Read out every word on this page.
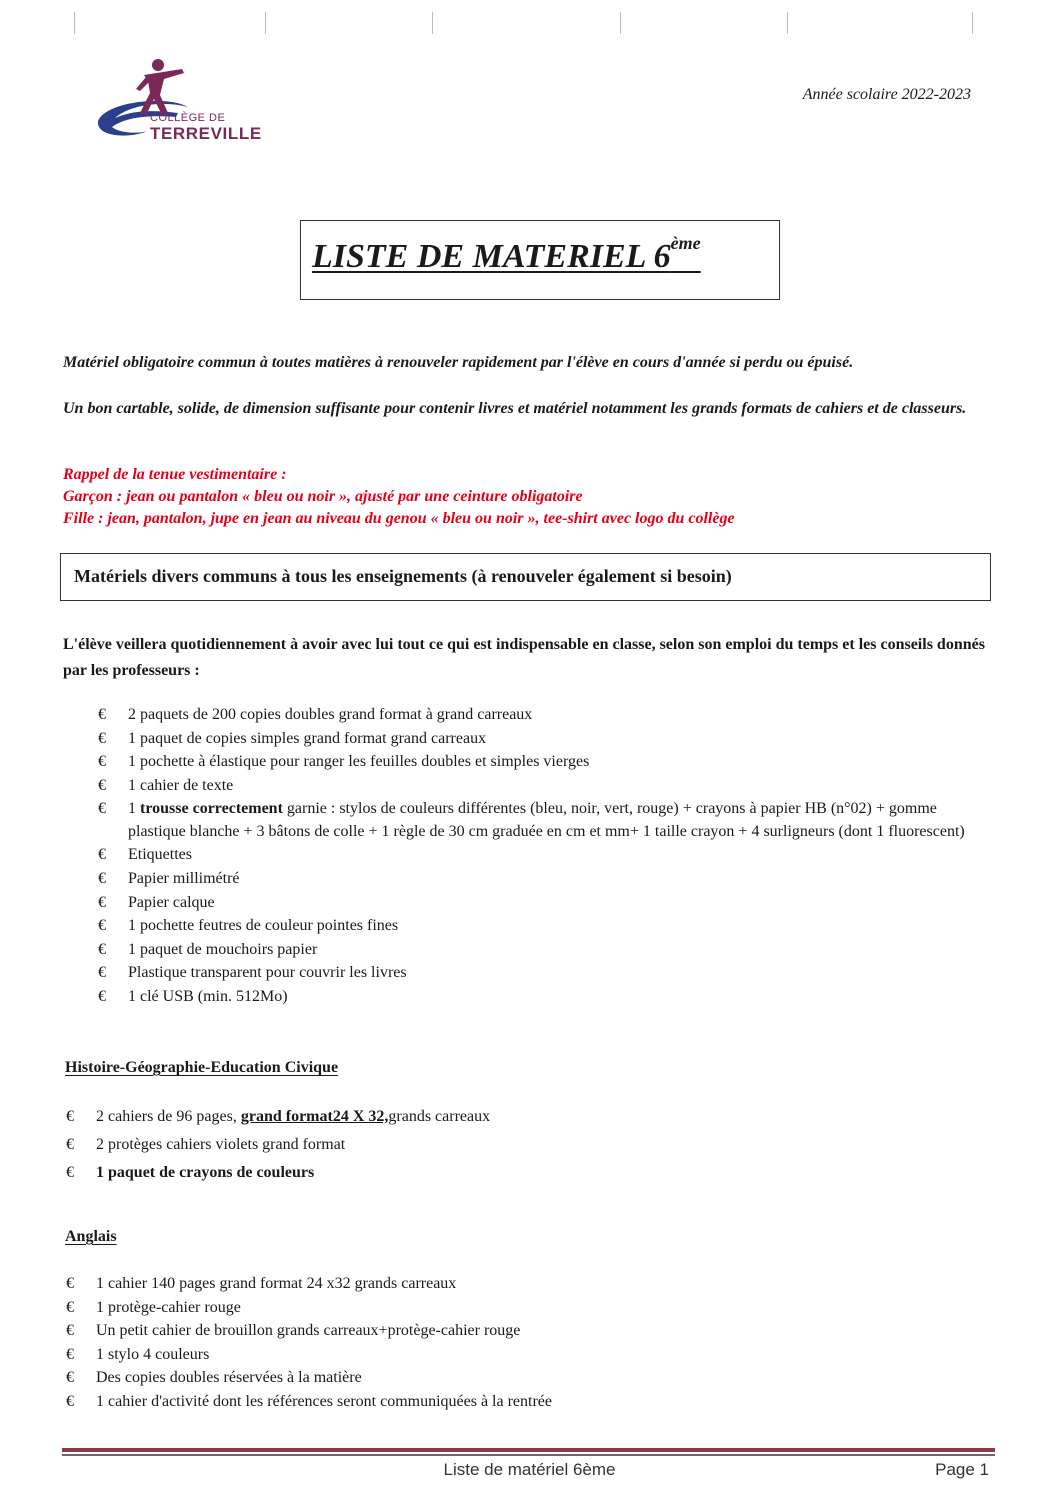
COLLÈGE DE
TERREVILLE
Année scolaire 2022-2023
LISTE DE MATERIEL 6ème
Matériel obligatoire commun à toutes matières à renouveler rapidement par l'élève en cours d'année si perdu ou épuisé.
Un bon cartable, solide, de dimension suffisante pour contenir livres et matériel notamment les grands formats de cahiers et de classeurs.
Rappel de la tenue vestimentaire :
Garçon : jean ou pantalon « bleu ou noir », ajusté par une ceinture obligatoire
Fille : jean, pantalon, jupe en jean au niveau du genou « bleu ou noir », tee-shirt avec logo du collège
Matériels divers communs à tous les enseignements (à renouveler également si besoin)
L'élève veillera quotidiennement à avoir avec lui tout ce qui est indispensable en classe, selon son emploi du temps et les conseils donnés par les professeurs :
€	2 paquets de 200 copies doubles grand format à grand carreaux
€	1 paquet de copies simples grand format grand carreaux
€	1 pochette à élastique pour ranger les feuilles doubles et simples vierges
€	1 cahier de texte
€	1 trousse correctement garnie : stylos de couleurs différentes (bleu, noir, vert, rouge) + crayons à papier HB (n°02) + gomme plastique blanche + 3 bâtons de colle + 1 règle de 30 cm graduée en cm et mm+ 1 taille crayon + 4 surligneurs (dont 1 fluorescent)
€	Etiquettes
€	Papier millimétré
€	Papier calque
€	1 pochette feutres de couleur pointes fines
€	1 paquet de mouchoirs papier
€	Plastique transparent pour couvrir les livres
€	1 clé USB (min. 512Mo)
Histoire-Géographie-Education Civique
€	2 cahiers de 96 pages, grand format24 X 32,grands carreaux
€	2 protèges cahiers violets grand format
€	1 paquet de crayons de couleurs
Anglais
€	1 cahier 140 pages grand format 24 x32 grands carreaux
€	1 protège-cahier rouge
€	Un petit cahier de brouillon grands carreaux+protège-cahier rouge
€	1 stylo 4 couleurs
€	Des copies doubles réservées à la matière
€	1 cahier d'activité dont les références seront communiquées à la rentrée
Liste de matériel 6ème	Page 1
